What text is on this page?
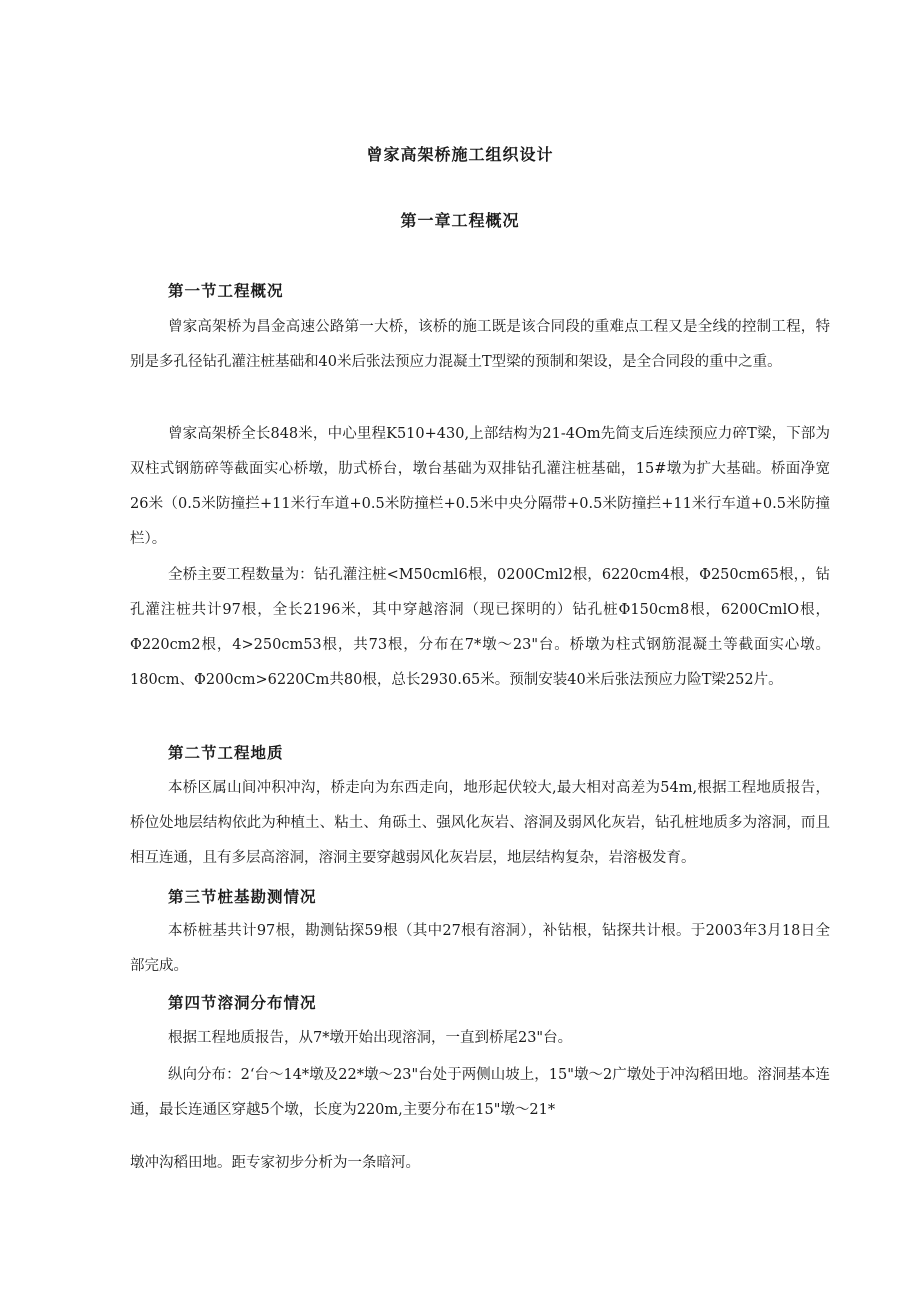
曾家高架桥施工组织设计
第一章工程概况
第一节工程概况

曾家高架桥为昌金高速公路第一大桥，该桥的施工既是该合同段的重难点工程又是全线的控制工程，特别是多孔径钻孔灌注桩基础和40米后张法预应力混凝土T型梁的预制和架设，是全合同段的重中之重。

曾家高架桥全长848米，中心里程K510+430,上部结构为21-4Om先简支后连续预应力碎T梁，下部为双柱式钢筋碎等截面实心桥墩，肋式桥台，墩台基础为双排钻孔灌注桩基础，15#墩为扩大基础。桥面净宽26米（0.5米防撞拦+11米行车道+0.5米防撞栏+0.5米中央分隔带+0.5米防撞拦+11米行车道+0.5米防撞栏）。

全桥主要工程数量为：钻孔灌注桩<M50cml6根，0200Cml2根，6220cm4根，Φ250cm65根，，钻孔灌注桩共计97根，全长2196米，其中穿越溶洞（现已探明的）钻孔桩Φ150cm8根，6200CmlO根，Φ220cm2根，4>250cm53根，共73根，分布在7*墩～23"台。桥墩为柱式钢筋混凝土等截面实心墩。180cm、Φ200cm>6220Cm共80根，总长2930.65米。预制安装40米后张法预应力险T梁252片。

第二节工程地质

本桥区属山间冲积冲沟，桥走向为东西走向，地形起伏较大,最大相对高差为54m,根据工程地质报告，桥位处地层结构依此为种植土、粘土、角砾土、强风化灰岩、溶洞及弱风化灰岩，钻孔桩地质多为溶洞，而且相互连通，且有多层高溶洞，溶洞主要穿越弱风化灰岩层，地层结构复杂，岩溶极发育。

第三节桩基勘测情况

本桥桩基共计97根，勘测钻探59根（其中27根有溶洞），补钻根，钻探共计根。于2003年3月18日全部完成。

第四节溶洞分布情况

根据工程地质报告，从7*墩开始出现溶洞，一直到桥尾23"台。

纵向分布：2‘台～14*墩及22*墩～23"台处于两侧山坡上，15"墩～2广墩处于冲沟稻田地。溶洞基本连通，最长连通区穿越5个墩，长度为220m,主要分布在15"墩～21*

墩冲沟稻田地。距专家初步分析为一条暗河。
